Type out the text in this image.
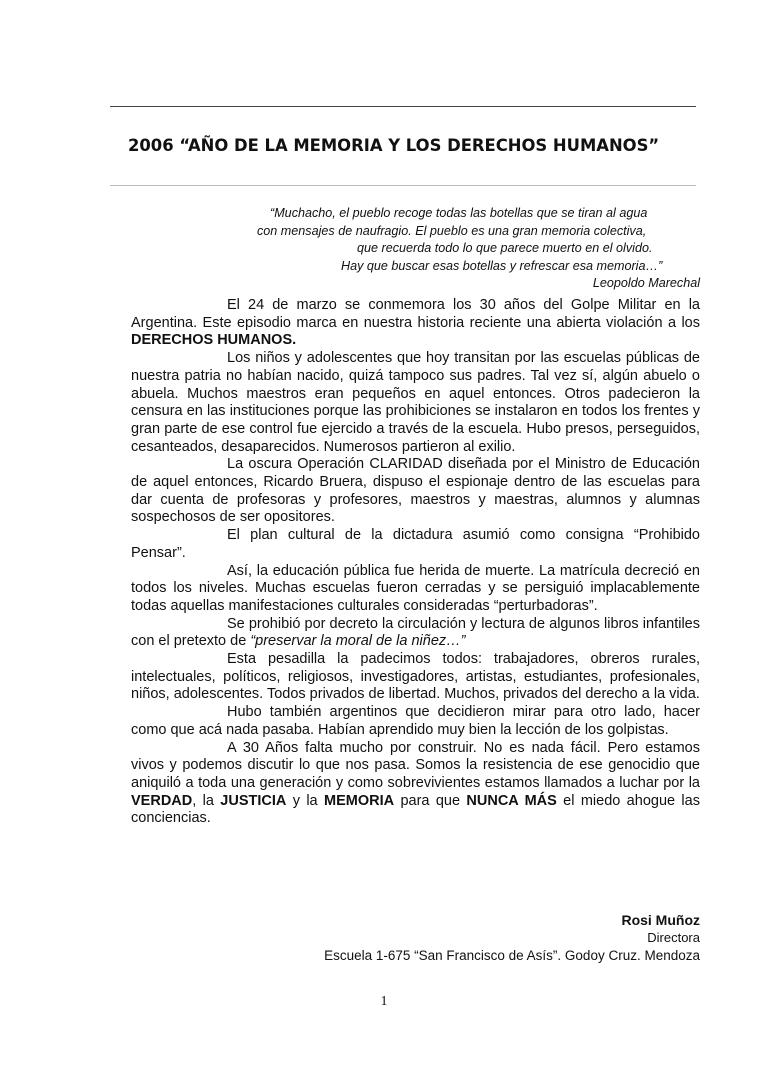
2006 “AÑO DE LA MEMORIA Y LOS DERECHOS HUMANOS”
“Muchacho, el pueblo recoge todas las botellas que se tiran al agua
con mensajes de naufragio. El pueblo es una gran memoria colectiva,
que recuerda todo lo que parece muerto en el olvido.
Hay que buscar esas botellas y refrescar esa memoria…”
Leopoldo Marechal

El 24 de marzo se conmemora los 30 años del Golpe Militar en la Argentina. Este episodio marca en nuestra historia reciente una abierta violación a los DERECHOS HUMANOS.

Los niños y adolescentes que hoy transitan por las escuelas públicas de nuestra patria no habían nacido, quizá tampoco sus padres. Tal vez sí, algún abuelo o abuela. Muchos maestros eran pequeños en aquel entonces. Otros padecieron la censura en las instituciones porque las prohibiciones se instalaron en todos los frentes y gran parte de ese control fue ejercido a través de la escuela. Hubo presos, perseguidos, cesanteados, desaparecidos. Numerosos partieron al exilio.

La oscura Operación CLARIDAD diseñada por el Ministro de Educación de aquel entonces, Ricardo Bruera, dispuso el espionaje dentro de las escuelas para dar cuenta de profesoras y profesores, maestros y maestras, alumnos y alumnas sospechosos de ser opositores.

El plan cultural de la dictadura asumió como consigna “Prohibido Pensar”.

Así, la educación pública fue herida de muerte. La matrícula decreció en todos los niveles. Muchas escuelas fueron cerradas y se persiguió implacablemente todas aquellas manifestaciones culturales consideradas “perturbadoras”.

Se prohibió por decreto la circulación y lectura de algunos libros infantiles con el pretexto de “preservar la moral de la niñez…”

Esta pesadilla la padecimos todos: trabajadores, obreros rurales, intelectuales, políticos, religiosos, investigadores, artistas, estudiantes, profesionales, niños, adolescentes. Todos privados de libertad. Muchos, privados del derecho a la vida.

Hubo también argentinos que decidieron mirar para otro lado, hacer como que acá nada pasaba. Habían aprendido muy bien la lección de los golpistas.

A 30 Años falta mucho por construir. No es nada fácil. Pero estamos vivos y podemos discutir lo que nos pasa. Somos la resistencia de ese genocidio que aniquiló a toda una generación y como sobrevivientes estamos llamados a luchar por la VERDAD, la JUSTICIA y la MEMORIA para que NUNCA MÁS el miedo ahogue las conciencias.

Rosi Muñoz
Directora
Escuela 1-675 “San Francisco de Asís”. Godoy Cruz. Mendoza

1
